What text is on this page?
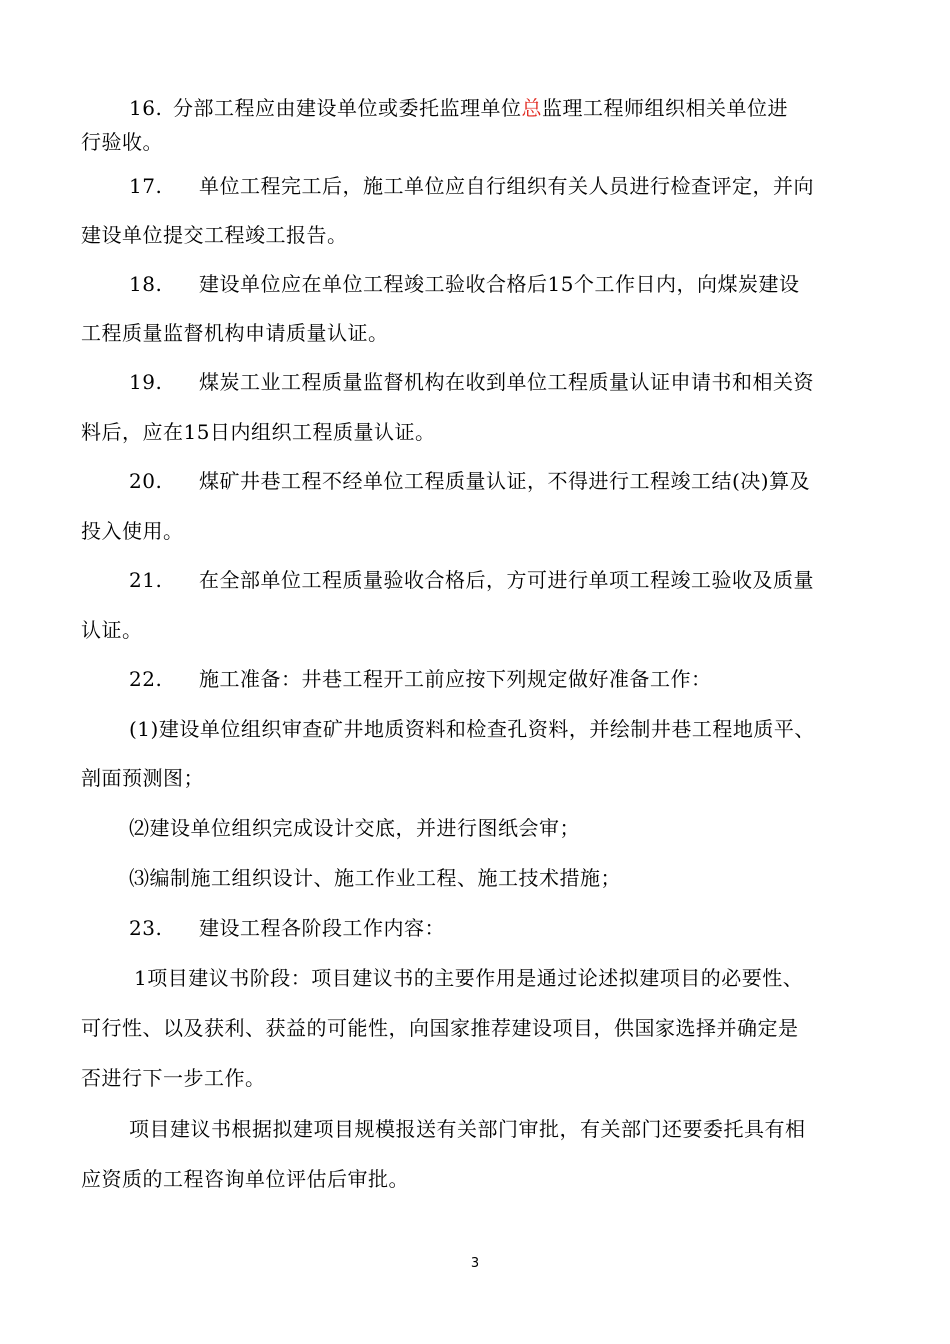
16. 分部工程应由建设单位或委托监理单位总监理工程师组织相关单位进
行验收。
17. 单位工程完工后，施工单位应自行组织有关人员进行检查评定，并向
建设单位提交工程竣工报告。
18. 建设单位应在单位工程竣工验收合格后15个工作日内，向煤炭建设
工程质量监督机构申请质量认证。
19. 煤炭工业工程质量监督机构在收到单位工程质量认证申请书和相关资
料后，应在15日内组织工程质量认证。
20. 煤矿井巷工程不经单位工程质量认证，不得进行工程竣工结(决)算及
投入使用。
21. 在全部单位工程质量验收合格后，方可进行单项工程竣工验收及质量
认证。
22. 施工准备：井巷工程开工前应按下列规定做好准备工作：
(1)建设单位组织审查矿井地质资料和检查孔资料，并绘制井巷工程地质平、
剖面预测图；
⑵建设单位组织完成设计交底，并进行图纸会审；
⑶编制施工组织设计、施工作业工程、施工技术措施；
23. 建设工程各阶段工作内容：
1项目建议书阶段：项目建议书的主要作用是通过论述拟建项目的必要性、
可行性、以及获利、获益的可能性，向国家推荐建设项目，供国家选择并确定是
否进行下一步工作。
项目建议书根据拟建项目规模报送有关部门审批，有关部门还要委托具有相
应资质的工程咨询单位评估后审批。
3
